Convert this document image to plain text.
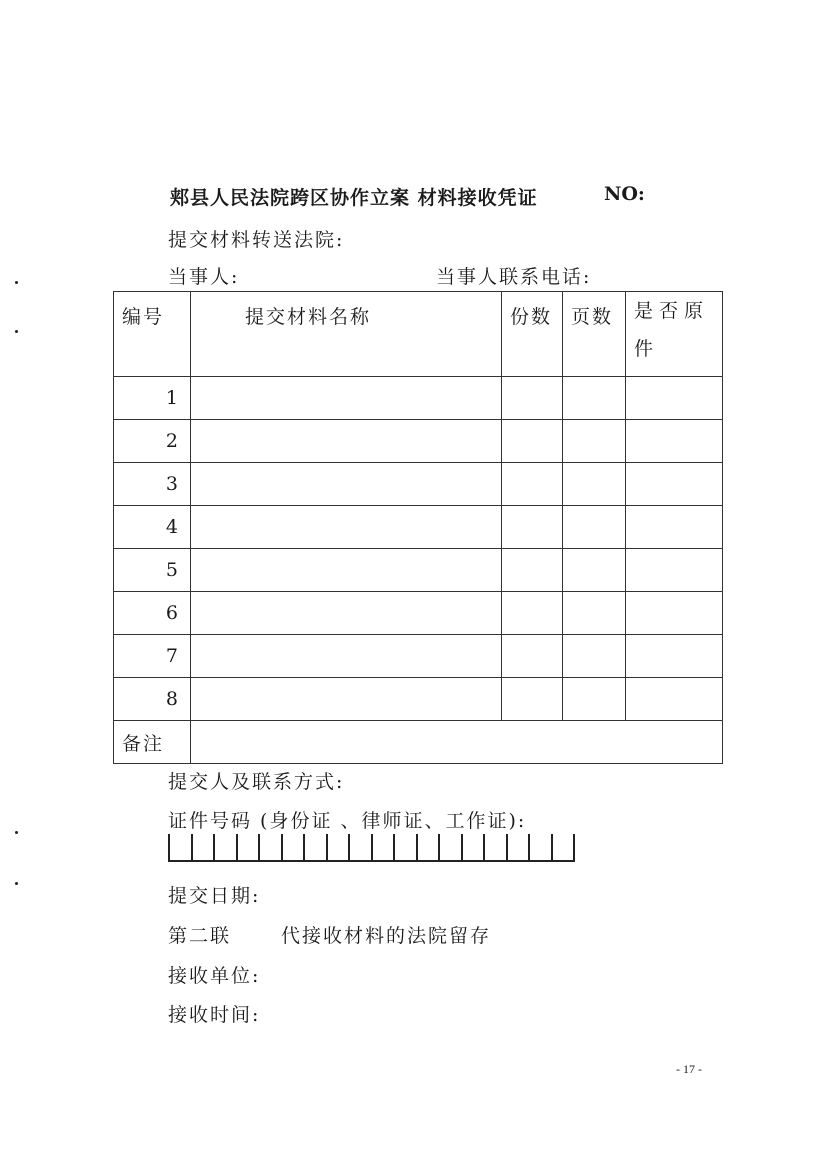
郏县人民法院跨区协作立案 材料接收凭证	NO:
提交材料转送法院:
当事人:	当事人联系电话:
编号	提交材料名称	份数	页数	是否原件
1				
2				
3				
4				
5				
6				
7				
8				
备注				
提交人及联系方式:
证件号码 (身份证 、律师证、工作证):
提交日期:
第二联	代接收材料的法院留存
接收单位:
接收时间:
- 17 -
